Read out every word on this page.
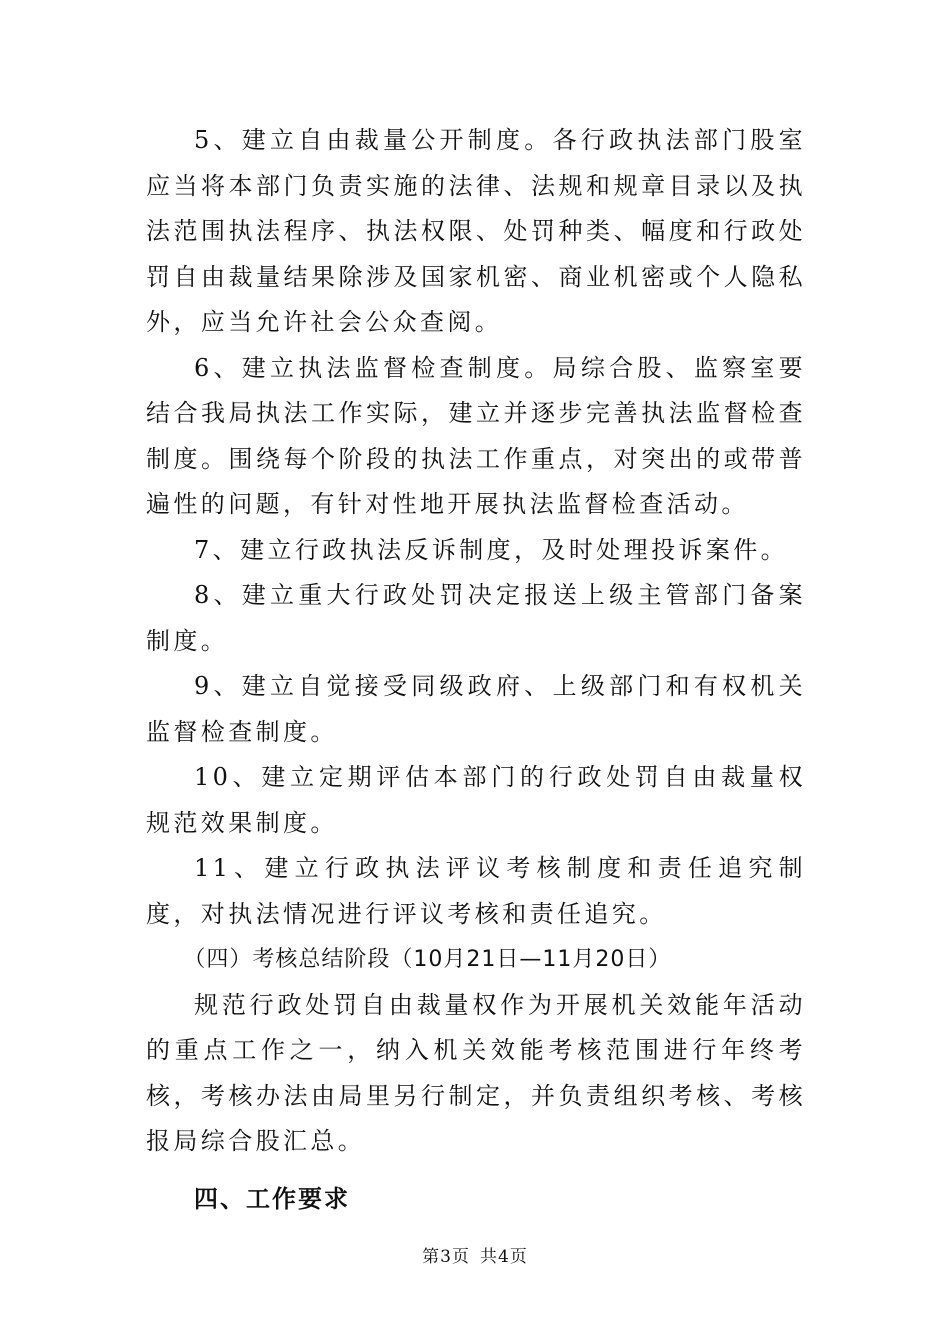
5、建立自由裁量公开制度。各行政执法部门股室应当将本部门负责实施的法律、法规和规章目录以及执法范围执法程序、执法权限、处罚种类、幅度和行政处罚自由裁量结果除涉及国家机密、商业机密或个人隐私外，应当允许社会公众查阅。

6、建立执法监督检查制度。局综合股、监察室要结合我局执法工作实际，建立并逐步完善执法监督检查制度。围绕每个阶段的执法工作重点，对突出的或带普遍性的问题，有针对性地开展执法监督检查活动。

7、建立行政执法反诉制度，及时处理投诉案件。

8、建立重大行政处罚决定报送上级主管部门备案制度。

9、建立自觉接受同级政府、上级部门和有权机关监督检查制度。

10、建立定期评估本部门的行政处罚自由裁量权规范效果制度。

11、建立行政执法评议考核制度和责任追究制度，对执法情况进行评议考核和责任追究。

（四）考核总结阶段（10月21日—11月20日）

规范行政处罚自由裁量权作为开展机关效能年活动的重点工作之一，纳入机关效能考核范围进行年终考核，考核办法由局里另行制定，并负责组织考核、考核报局综合股汇总。

四、工作要求

第3页 共4页
